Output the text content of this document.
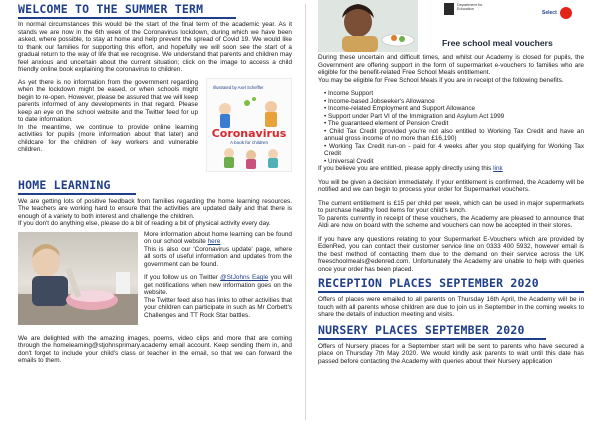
WELCOME TO THE SUMMER TERM

In normal circumstances this would be the start of the final term of the academic year. As it stands we are now in the 6th week of the Coronavirus lockdown, during which we have been asked, where possible, to stay at home and help prevent the spread of Covid 19. We would like to thank our families for supporting this effort, and hopefully we will soon see the start of a gradual return to the way of life that we recognise. We understand that parents and children may feel anxious and uncertain about the current situation; click on the image to access a child friendly online book explaining the coronavirus to children.

Illustrated by Axel Scheffler
Coronavirus
A book for children

As yet there is no information from the government regarding when the lockdown might be eased, or when schools might begin to re-open. However, please be assured that we will keep parents informed of any developments in that regard. Please keep an eye on the school website and the Twitter feed for up to date information.

In the meantime, we continue to provide online learning activities for pupils (more information about that later) and childcare for the children of key workers and vulnerable children.

HOME LEARNING

We are getting lots of positive feedback from families regarding the home learning resources. The teachers are working hard to ensure that the activities are updated daily and that there is enough of a variety to both interest and challenge the children.

If you don't do anything else, please do a bit of reading a bit of physical activity every day.

More information about home learning can be found on our school website here

This is also our 'Coronavirus update' page, where all sorts of useful information and updates from the government can be found.

If you follow us on Twitter @StJohns Eagle you will get notifications when new information goes on the website.

The Twitter feed also has links to other activities that your children can participate in such as Mr Corbett's Challenges and TT Rock Star battles.

We are delighted with the amazing images, poems, video clips and more that are coming through the homelearning@stjohnsprimary.academy email account. Keep sending them in, and don't forget to include your child's class or teacher in the email, so that we can forward the emails to them.

Department for Education
Select
Free school meal vouchers

During these uncertain and difficult times, and whilst our Academy is closed for pupils, the Government are offering support in the form of supermarket e-vouchers to families who are eligible for the benefit-related Free School Meals entitlement.

You may be eligible for Free School Meals if you are in receipt of the following benefits.

• Income Support
• Income-based Jobseeker's Allowance
• Income-related Employment and Support Allowance
• Support under Part VI of the Immigration and Asylum Act 1999
• The guaranteed element of Pension Credit
• Child Tax Credit (provided you're not also entitled to Working Tax Credit and have an annual gross income of no more than £16,190)
• Working Tax Credit run-on - paid for 4 weeks after you stop qualifying for Working Tax Credit
• Universal Credit

If you believe you are entitled, please apply directly using this link

You will be given a decision immediately. If your entitlement is confirmed, the Academy will be notified and we can begin to process your order for Supermarket vouchers.

The current entitlement is £15 per child per week, which can be used in major supermarkets to purchase healthy food items for your child's lunch.

To parents currently in receipt of these vouchers, the Academy are pleased to announce that Aldi are now on board with the scheme and vouchers can now be accepted in their stores.

If you have any questions relating to your Supermarket E-Vouchers which are provided by EdenRed, you can contact their customer service line on 0333 400 5932, however email is the best method of contacting them due to the demand on their service across the UK freeschoolmeals@edenred.com. Unfortunately the Academy are unable to help with queries once your order has been placed.

RECEPTION PLACES SEPTEMBER 2020

Offers of places were emailed to all parents on Thursday 16th April, the Academy will be in touch with all parents whose children are due to join us in September in the coming weeks to share the details of induction meeting and visits.

NURSERY PLACES SEPTEMBER 2020

Offers of Nursery places for a September start will be sent to parents who have secured a place on Thursday 7th May 2020. We would kindly ask parents to wait until this date has passed before contacting the Academy with queries about their Nursery application
